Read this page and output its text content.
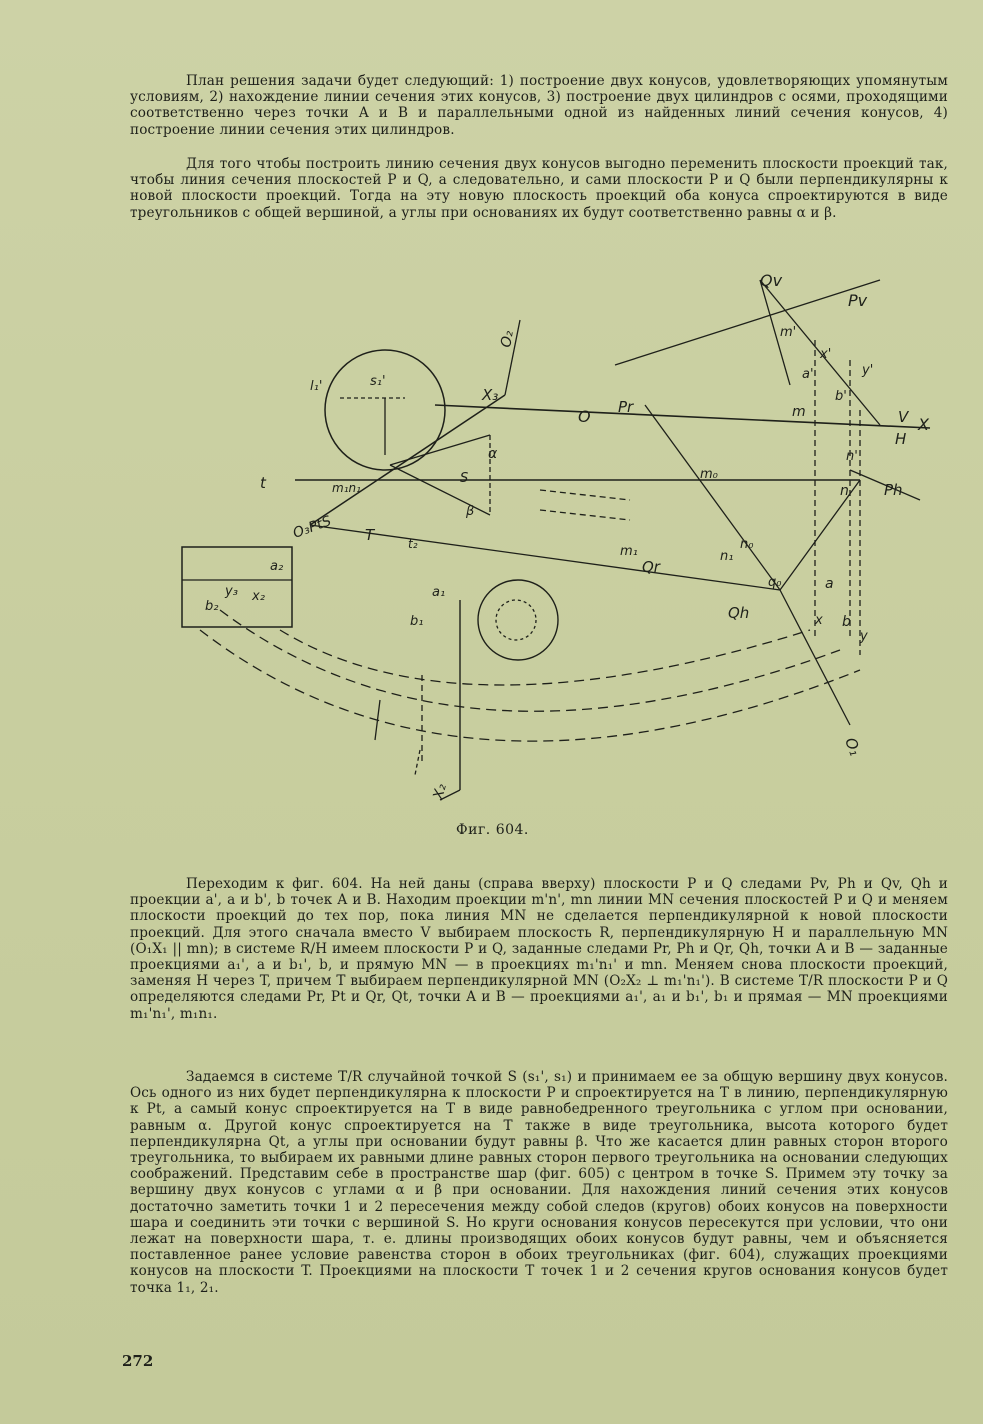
План решения задачи будет следующий: 1) построение двух конусов, удовлетворяющих упомянутым условиям, 2) нахождение линии сечения этих конусов, 3) построение двух цилиндров с осями, проходящими соответственно через точки A и B и параллельными одной из найденных линий сечения конусов, 4) построение линии сечения этих цилиндров.

Для того чтобы построить линию сечения двух конусов выгодно переменить плоскости проекций так, чтобы линия сечения плоскостей P и Q, а следовательно, и сами плоскости P и Q были перпендикулярны к новой плоскости проекций. Тогда на эту новую плоскость проекций оба конуса спроектируются в виде треугольников с общей вершиной, а углы при основаниях их будут соответственно равны α и β.

Qv
Pv
O₂
X₃
O Pr
V
H
X
Ph
t
O₃PtS T
a₂
b₂
y₃ x₂
t₂
Qr
Qh
q₀
n₀
m₀
m
n
a
b
x
y
O₁
X₂
a₁
b₁
s₁'
l₁'
a'
b'
x'
y'
m'
n'
m₁	n₁
α
β
m₁n₁
S
Фиг. 604.

Переходим к фиг. 604. На ней даны (справа вверху) плоскости P и Q следами Pv, Ph и Qv, Qh и проекции a', a и b', b точек A и B. Находим проекции m'n', mn линии MN сечения плоскостей P и Q и меняем плоскости проекций до тех пор, пока линия MN не сделается перпендикулярной к новой плоскости проекций. Для этого сначала вместо V выбираем плоскость R, перпендикулярную H и параллельную MN (O₁X₁ || mn); в системе R/H имеем плоскости P и Q, заданные следами Pr, Ph и Qr, Qh, точки A и B — заданные проекциями a₁', a и b₁', b, и прямую MN — в проекциях m₁'n₁' и mn. Меняем снова плоскости проекций, заменяя H через T, причем T выбираем перпендикулярной MN (O₂X₂ ⊥ m₁'n₁'). В системе T/R плоскости P и Q определяются следами Pr, Pt и Qr, Qt, точки A и B — проекциями a₁', a₁ и b₁', b₁ и прямая — MN проекциями m₁'n₁', m₁n₁.

Задаемся в системе T/R случайной точкой S (s₁', s₁) и принимаем ее за общую вершину двух конусов. Ось одного из них будет перпендикулярна к плоскости P и спроектируется на T в линию, перпендикулярную к Pt, а самый конус спроектируется на T в виде равнобедренного треугольника с углом при основании, равным α. Другой конус спроектируется на T также в виде треугольника, высота которого будет перпендикулярна Qt, а углы при основании будут равны β. Что же касается длин равных сторон второго треугольника, то выбираем их равными длине равных сторон первого треугольника на основании следующих соображений. Представим себе в пространстве шар (фиг. 605) с центром в точке S. Примем эту точку за вершину двух конусов с углами α и β при основании. Для нахождения линий сечения этих конусов достаточно заметить точки 1 и 2 пересечения между собой следов (кругов) обоих конусов на поверхности шара и соединить эти точки с вершиной S. Но круги основания конусов пересекутся при условии, что они лежат на поверхности шара, т. е. длины производящих обоих конусов будут равны, чем и объясняется поставленное ранее условие равенства сторон в обоих треугольниках (фиг. 604), служащих проекциями конусов на плоскости T. Проекциями на плоскости T точек 1 и 2 сечения кругов основания конусов будет точка 1₁, 2₁.

272
